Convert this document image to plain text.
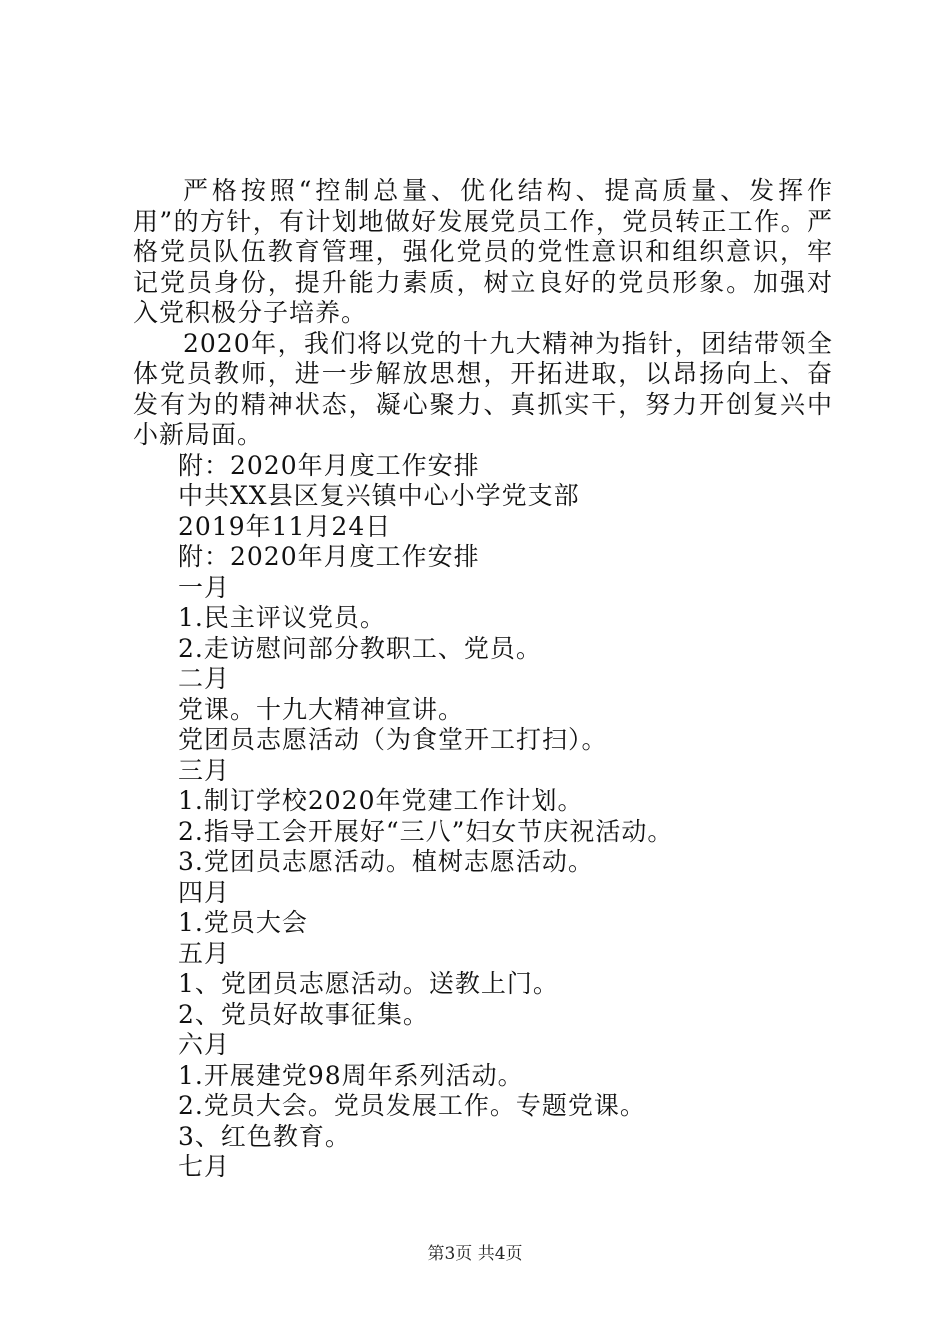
严格按照“控制总量、优化结构、提高质量、发挥作用”的方针，有计划地做好发展党员工作，党员转正工作。严格党员队伍教育管理，强化党员的党性意识和组织意识，牢记党员身份，提升能力素质，树立良好的党员形象。加强对入党积极分子培养。

2020年，我们将以党的十九大精神为指针，团结带领全体党员教师，进一步解放思想，开拓进取，以昂扬向上、奋发有为的精神状态，凝心聚力、真抓实干，努力开创复兴中小新局面。

附：2020年月度工作安排

中共XX县区复兴镇中心小学党支部

2019年11月24日

附：2020年月度工作安排

一月

1.民主评议党员。

2.走访慰问部分教职工、党员。

二月

党课。十九大精神宣讲。

党团员志愿活动（为食堂开工打扫）。

三月

1.制订学校2020年党建工作计划。

2.指导工会开展好“三八”妇女节庆祝活动。

3.党团员志愿活动。植树志愿活动。

四月

1.党员大会

五月

1、党团员志愿活动。送教上门。

2、党员好故事征集。

六月

1.开展建党98周年系列活动。

2.党员大会。党员发展工作。专题党课。

3、红色教育。

七月

第3页 共4页
